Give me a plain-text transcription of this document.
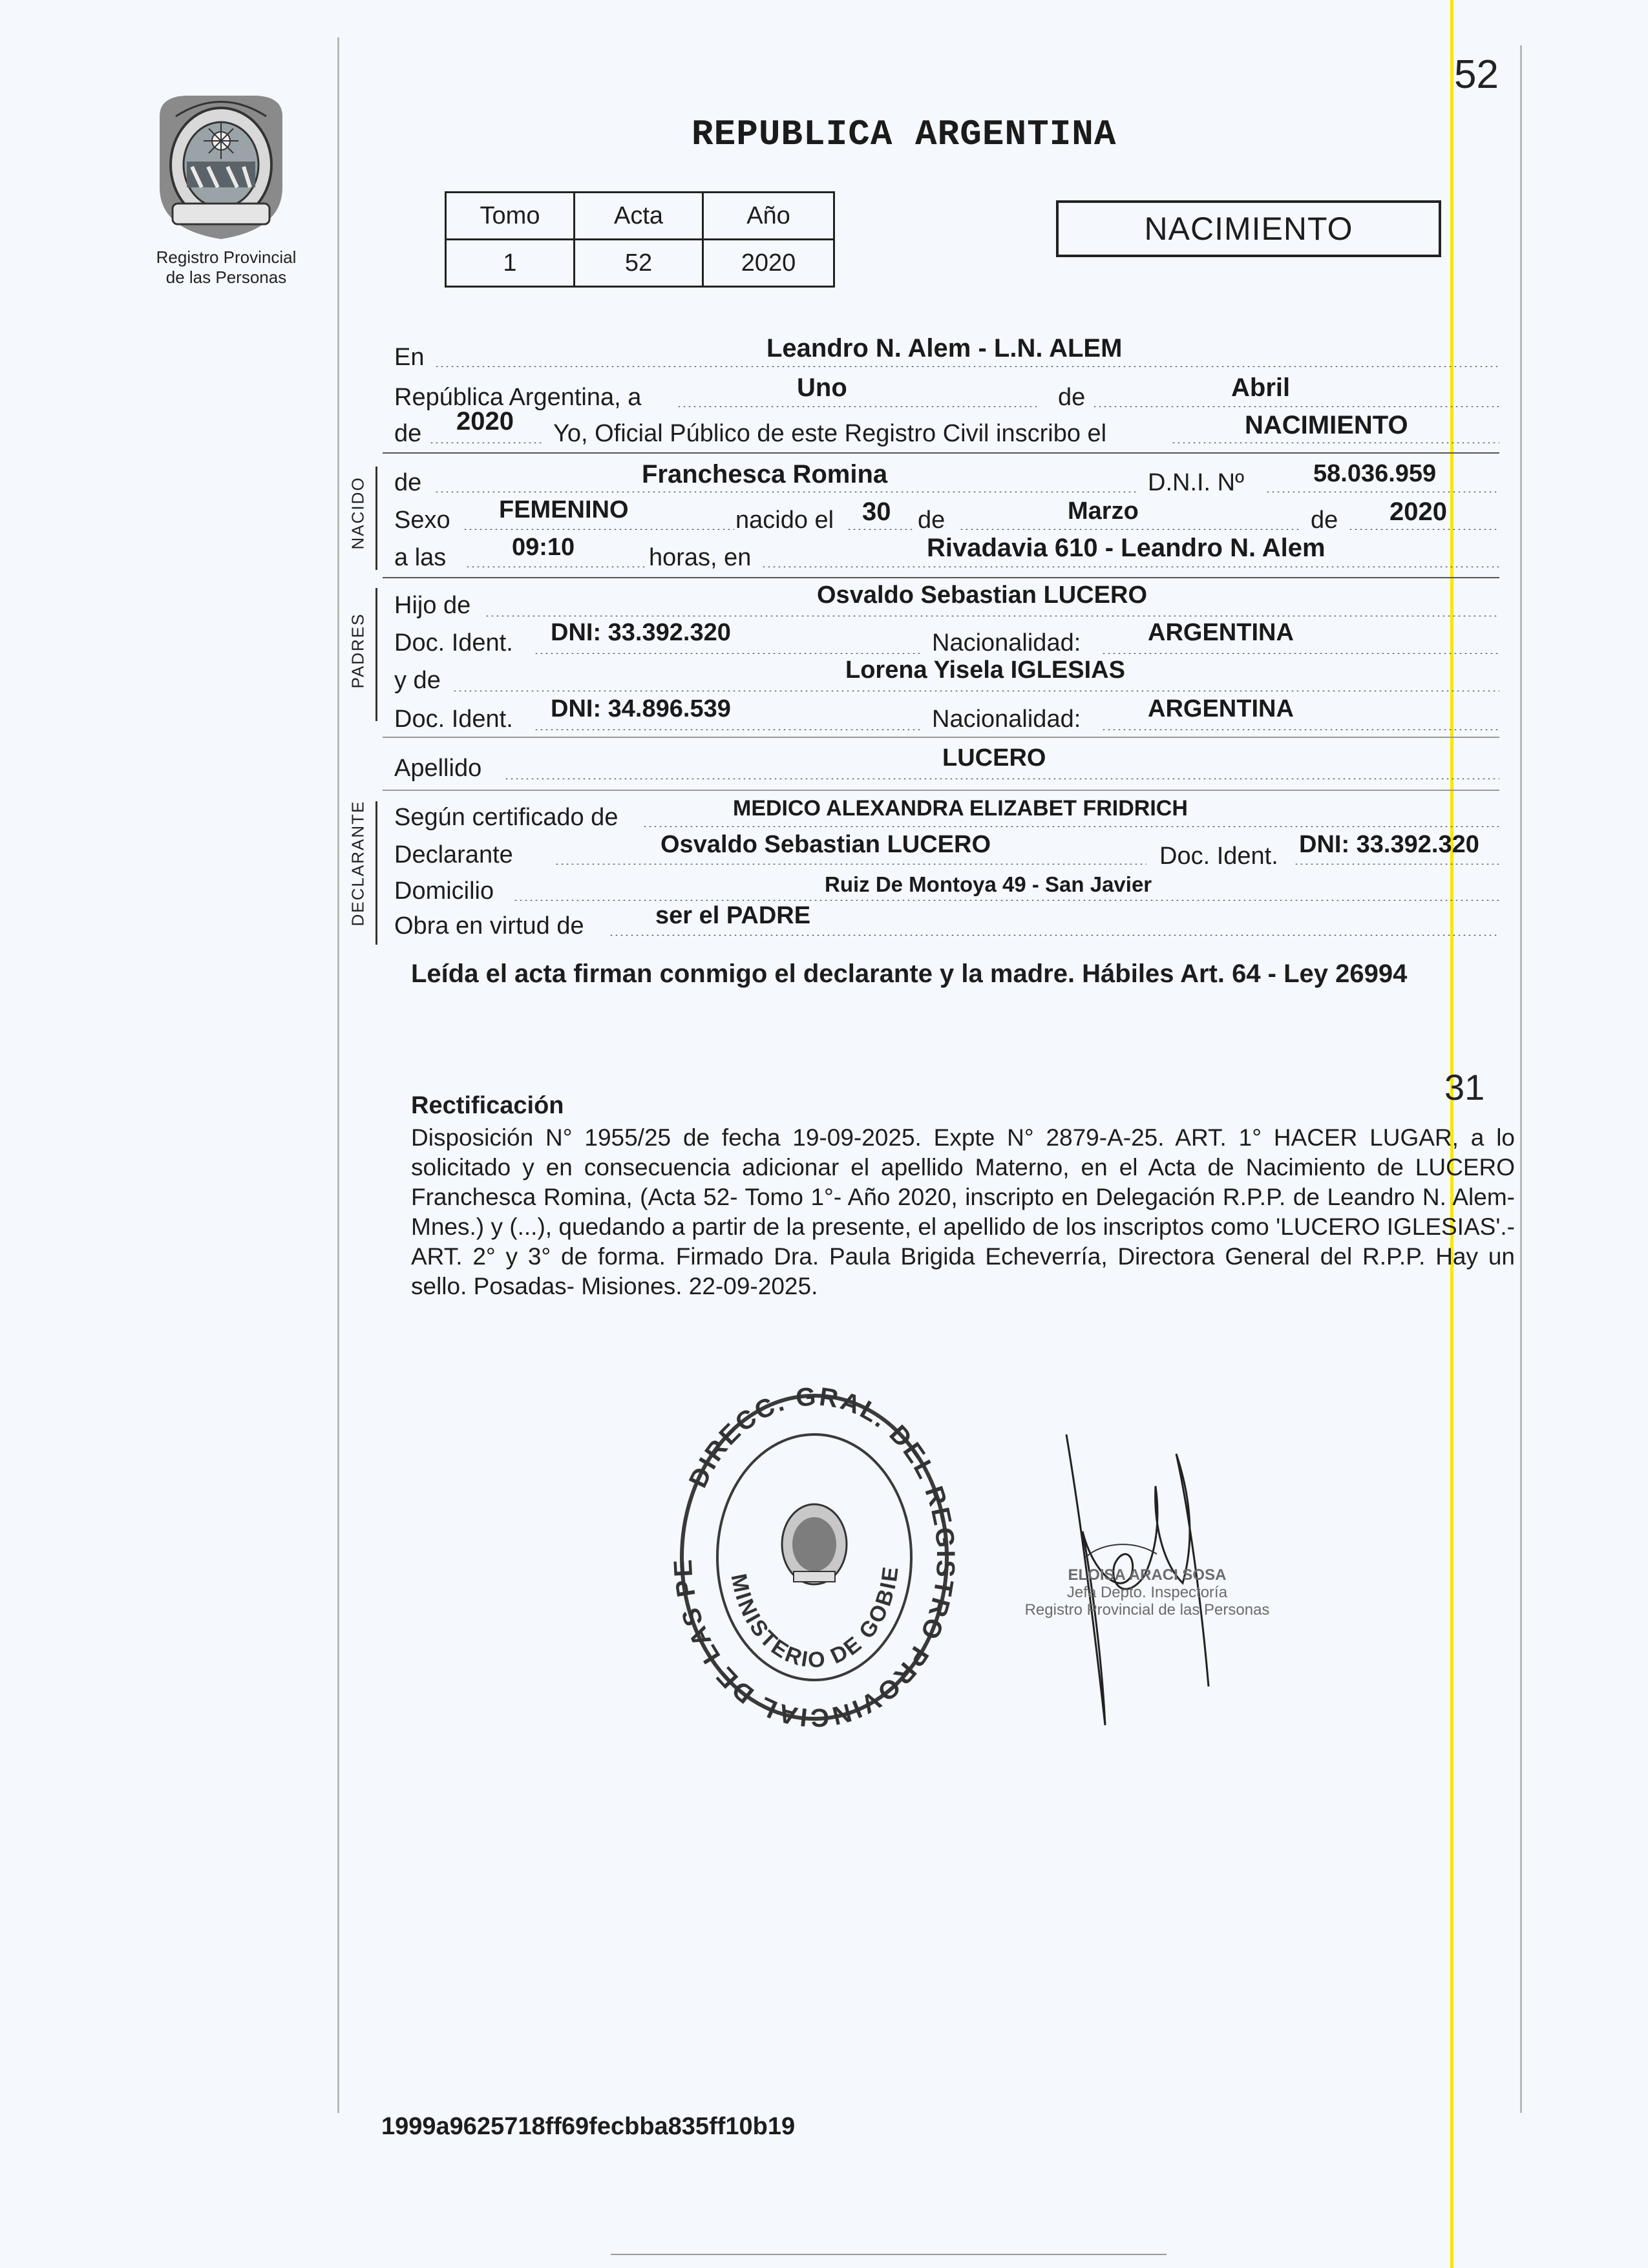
Registro Provincial
de las Personas
REPUBLICA ARGENTINA
52
31
Tomo	Acta	Año
1	52	2020
NACIMIENTO
En	Leandro N. Alem - L.N. ALEM
República Argentina, a	Uno	de	Abril
de 2020 Yo, Oficial Público de este Registro Civil inscribo el	NACIMIENTO
NACIDO de	Franchesca Romina	D.N.I. Nº	58.036.959
Sexo FEMENINO	nacido el 30 de	Marzo	de 2020
a las	09:10	horas, en	Rivadavia 610 - Leandro N. Alem
PADRES
Hijo de	Osvaldo Sebastian LUCERO
Doc. Ident. DNI: 33.392.320	Nacionalidad:	ARGENTINA
y de	Lorena Yisela IGLESIAS
Doc. Ident. DNI: 34.896.539	Nacionalidad:	ARGENTINA
Apellido	LUCERO
DECLARANTE Según certificado de	MEDICO ALEXANDRA ELIZABET FRIDRICH
Declarante	Osvaldo Sebastian LUCERO	Doc. Ident. DNI: 33.392.320
Domicilio	Ruiz De Montoya 49 - San Javier
Obra en virtud de	ser el PADRE
Leída el acta firman conmigo el declarante y la madre. Hábiles Art. 64 - Ley 26994
Rectificación
Disposición N° 1955/25 de fecha 19-09-2025. Expte N° 2879-A-25. ART. 1° HACER LUGAR, a lo solicitado y en consecuencia adicionar el apellido Materno, en el Acta de Nacimiento de LUCERO Franchesca Romina, (Acta 52- Tomo 1°- Año 2020, inscripto en Delegación R.P.P. de Leandro N. Alem- Mnes.) y (...), quedando a partir de la presente, el apellido de los inscriptos como 'LUCERO IGLESIAS'.- ART. 2° y 3° de forma. Firmado Dra. Paula Brigida Echeverría, Directora General del R.P.P. Hay un sello. Posadas- Misiones. 22-09-2025.
DIRECC. GRAL. DEL RE TRO PROVINCIAL DE LAS P	MINISTERIO DE GOBIE	ELOISA ARACI SOSA
Jefa Depto. Inspectoría
Registro Provincial de las Personas
1999a9625718ff69fecbba835ff10b19
